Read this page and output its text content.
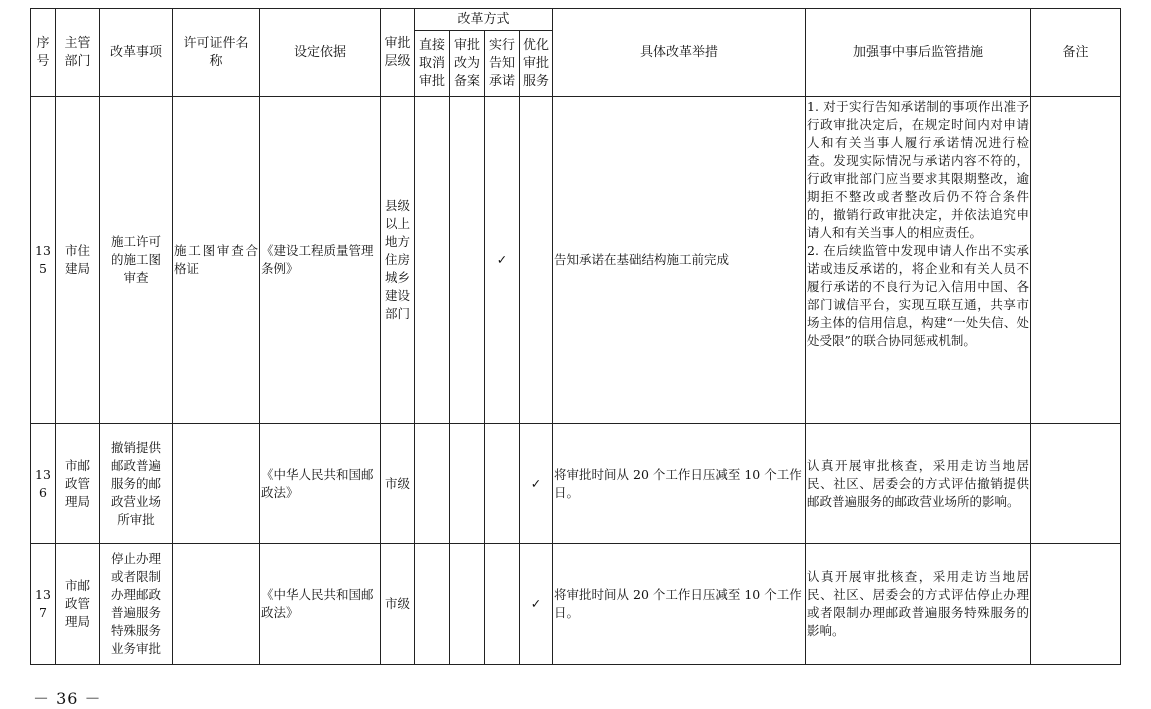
序号	主管部门	改革事项	许可证件名称	设定依据	审批层级	改革方式				具体改革举措	加强事中事后监管措施	备注
						直接取消审批	审批改为备案	实行告知承诺	优化审批服务			
135	市住建局	施工许可的施工图审查	施工图审查合格证	《建设工程质量管理条例》	县级以上地方住房城乡建设部门			✓		告知承诺在基础结构施工前完成	1. 对于实行告知承诺制的事项作出准予行政审批决定后，在规定时间内对申请人和有关当事人履行承诺情况进行检查。发现实际情况与承诺内容不符的，行政审批部门应当要求其限期整改，逾期拒不整改或者整改后仍不符合条件的，撤销行政审批决定，并依法追究申请人和有关当事人的相应责任。
2. 在后续监管中发现申请人作出不实承诺或违反承诺的，将企业和有关人员不履行承诺的不良行为记入信用中国、各部门诚信平台，实现互联互通，共享市场主体的信用信息，构建“一处失信、处处受限”的联合协同惩戒机制。	
136	市邮政管理局	撤销提供邮政普遍服务的邮政营业场所审批		《中华人民共和国邮政法》	市级				✓	将审批时间从 20 个工作日压减至 10 个工作日。	认真开展审批核查，采用走访当地居民、社区、居委会的方式评估撤销提供邮政普遍服务的邮政营业场所的影响。	
137	市邮政管理局	停止办理或者限制办理邮政普遍服务特殊服务业务审批		《中华人民共和国邮政法》	市级				✓	将审批时间从 20 个工作日压减至 10 个工作日。	认真开展审批核查，采用走访当地居民、社区、居委会的方式评估停止办理或者限制办理邮政普遍服务特殊服务的影响。	
－ 36 －
